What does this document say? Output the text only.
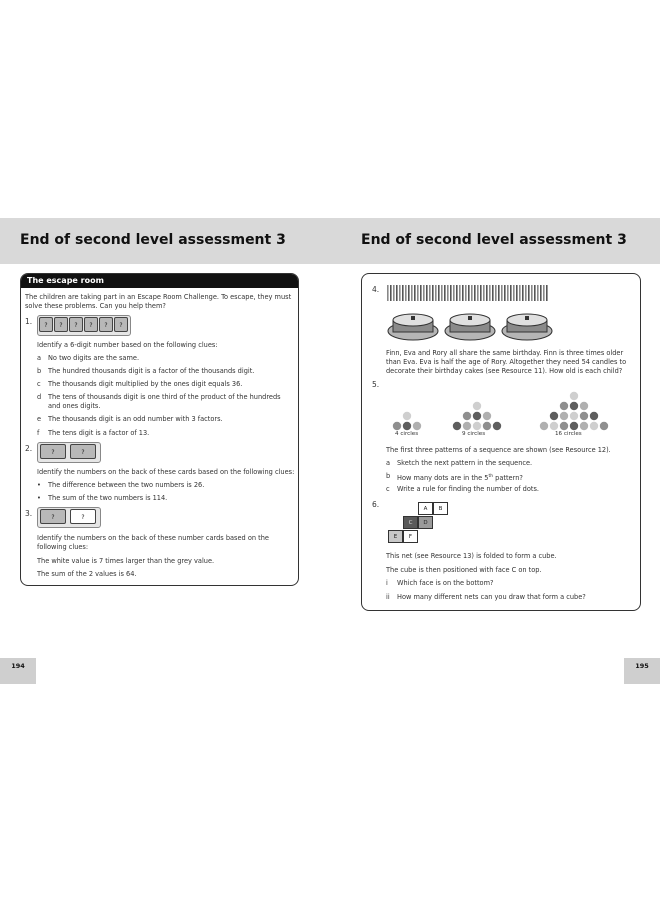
End of second level assessment 3	End of second level assessment 3
The escape room
The children are taking part in an Escape Room Challenge. To escape, they must solve these problems. Can you help them?
1.	?	?	?	?	?	?
Identify a 6-digit number based on the following clues:
a No two digits are the same.
b The hundred thousands digit is a factor of the thousands digit.
c The thousands digit multiplied by the ones digit equals 36.
d The tens of thousands digit is one third of the product of the hundreds and ones digits.
e The thousands digit is an odd number with 3 factors.
f The tens digit is a factor of 13.
2.	?	?
Identify the numbers on the back of these cards based on the following clues:
• The difference between the two numbers is 26.
• The sum of the two numbers is 114.
3.	?	?
Identify the numbers on the back of these number cards based on the following clues:
The white value is 7 times larger than the grey value.
The sum of the 2 values is 64.
4.
Finn, Eva and Rory all share the same birthday. Finn is three times older than Eva. Eva is half the age of Rory. Altogether they need 54 candles to decorate their birthday cakes (see Resource 11). How old is each child?
5.
4 circles	9 circles	16 circles
The first three patterns of a sequence are shown (see Resource 12).
a Sketch the next pattern in the sequence.
b How many dots are in the 5th pattern?
c Write a rule for finding the number of dots.
6.	A	B
C	D
E	F
This net (see Resource 13) is folded to form a cube.
The cube is then positioned with face C on top.
i Which face is on the bottom?
ii How many different nets can you draw that form a cube?
194	195
